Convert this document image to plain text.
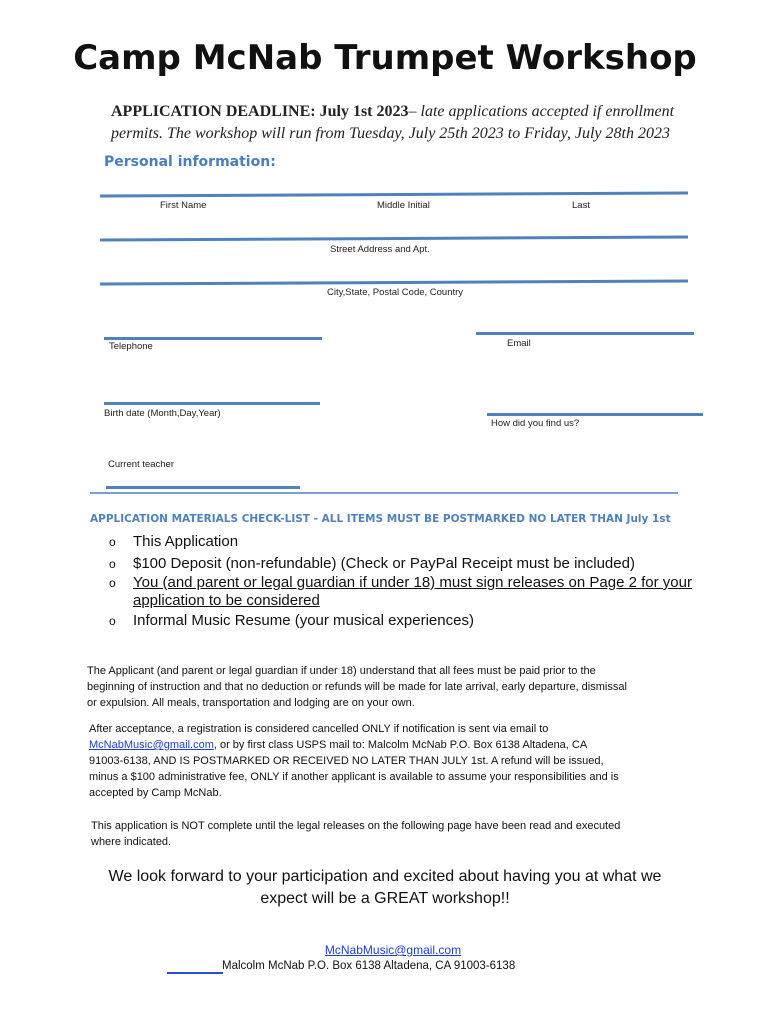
Camp McNab Trumpet Workshop
APPLICATION DEADLINE: July 1st 2023– late applications accepted if enrollment permits. The workshop will run from Tuesday, July 25th 2023 to Friday, July 28th 2023
Personal information:
First Name	Middle Initial	Last
Street Address and Apt.
City,State, Postal Code, Country
Telephone	Email
Birth date (Month,Day,Year)
How did you find us?
Current teacher
APPLICATION MATERIALS CHECK-LIST - ALL ITEMS MUST BE POSTMARKED NO LATER THAN July 1st
o This Application
o $100 Deposit (non-refundable) (Check or PayPal Receipt must be included)
o You (and parent or legal guardian if under 18) must sign releases on Page 2 for your
application to be considered
o Informal Music Resume (your musical experiences)
The Applicant (and parent or legal guardian if under 18) understand that all fees must be paid prior to the
beginning of instruction and that no deduction or refunds will be made for late arrival, early departure, dismissal
or expulsion. All meals, transportation and lodging are on your own.
After acceptance, a registration is considered cancelled ONLY if notification is sent via email to
McNabMusic@gmail.com, or by first class USPS mail to: Malcolm McNab P.O. Box 6138 Altadena, CA
91003-6138, AND IS POSTMARKED OR RECEIVED NO LATER THAN JULY 1st. A refund will be issued,
minus a $100 administrative fee, ONLY if another applicant is available to assume your responsibilities and is
accepted by Camp McNab.
This application is NOT complete until the legal releases on the following page have been read and executed
where indicated.
We look forward to your participation and excited about having you at what we
expect will be a GREAT workshop!!
McNabMusic@gmail.com
Malcolm McNab P.O. Box 6138 Altadena, CA 91003-6138
